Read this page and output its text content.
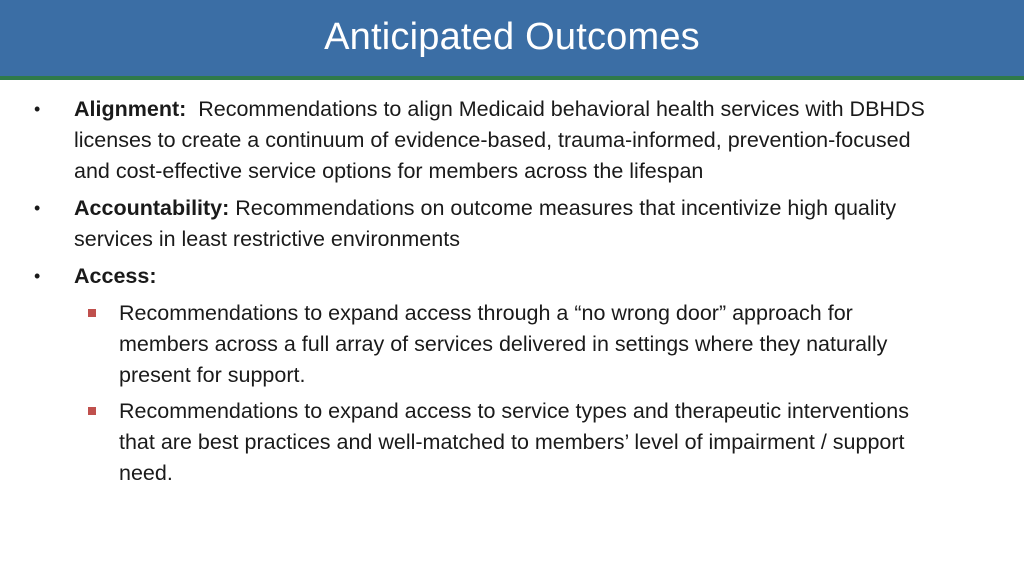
Anticipated Outcomes
• Alignment: Recommendations to align Medicaid behavioral health services with DBHDS licenses to create a continuum of evidence-based, trauma-informed, prevention-focused and cost-effective service options for members across the lifespan
• Accountability: Recommendations on outcome measures that incentivize high quality services in least restrictive environments
• Access:
Recommendations to expand access through a “no wrong door” approach for members across a full array of services delivered in settings where they naturally present for support.
Recommendations to expand access to service types and therapeutic interventions that are best practices and well-matched to members’ level of impairment / support need.
